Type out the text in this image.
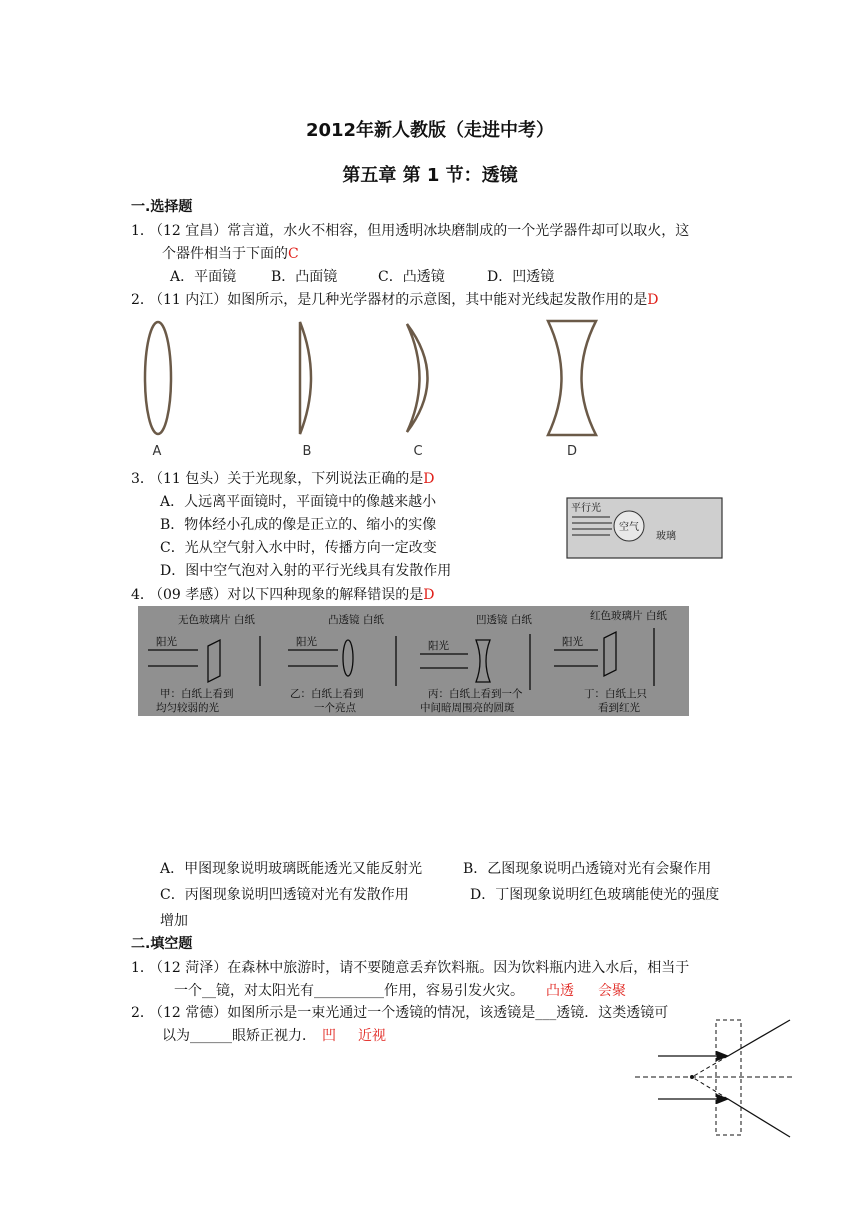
2012年新人教版（走进中考）
第五章 第 1 节：透镜
一.选择题
1．
（12 宜昌）常言道，水火不相容，但用透明冰块磨制成的一个光学器件却可以取火，这
个器件相当于下面的C
A．平面镜 B．凸面镜	C．凸透镜	D．凹透镜
2．
（11 内江）如图所示，是几种光学器材的示意图，其中能对光线起发散作用的是D
A	B	C	D
3．
（11 包头）关于光现象，下列说法正确的是D
A．人远离平面镜时，平面镜中的像越来越小
B．物体经小孔成的像是正立的、缩小的实像
C．光从空气射入水中时，传播方向一定改变
D．图中空气泡对入射的平行光线具有发散作用
平行光
空气
玻璃
4．
（09 孝感）对以下四种现象的解释错误的是D
无色玻璃片 白纸
阳光
甲：白纸上看到
均匀较弱的光
凸透镜 白纸
阳光
乙：白纸上看到
一个亮点
凹透镜 白纸
阳光
丙：白纸上看到一个
中间暗周围亮的圆斑
红色玻璃片 白纸
阳光
丁：白纸上只
看到红光
A．甲图现象说明玻璃既能透光又能反射光	B．乙图现象说明凸透镜对光有会聚作用
C．丙图现象说明凹透镜对光有发散作用	D．丁图现象说明红色玻璃能使光的强度
增加
二.填空题
1．
（12 菏泽）在森林中旅游时，请不要随意丢弃饮料瓶。因为饮料瓶内进入水后，相当于
一个__镜，对太阳光有__________作用，容易引发火灾。 凸透 会聚
2．
（12 常德）如图所示是一束光通过一个透镜的情况，该透镜是___透镜．这类透镜可
以为______眼矫正视力． 凹 近视
